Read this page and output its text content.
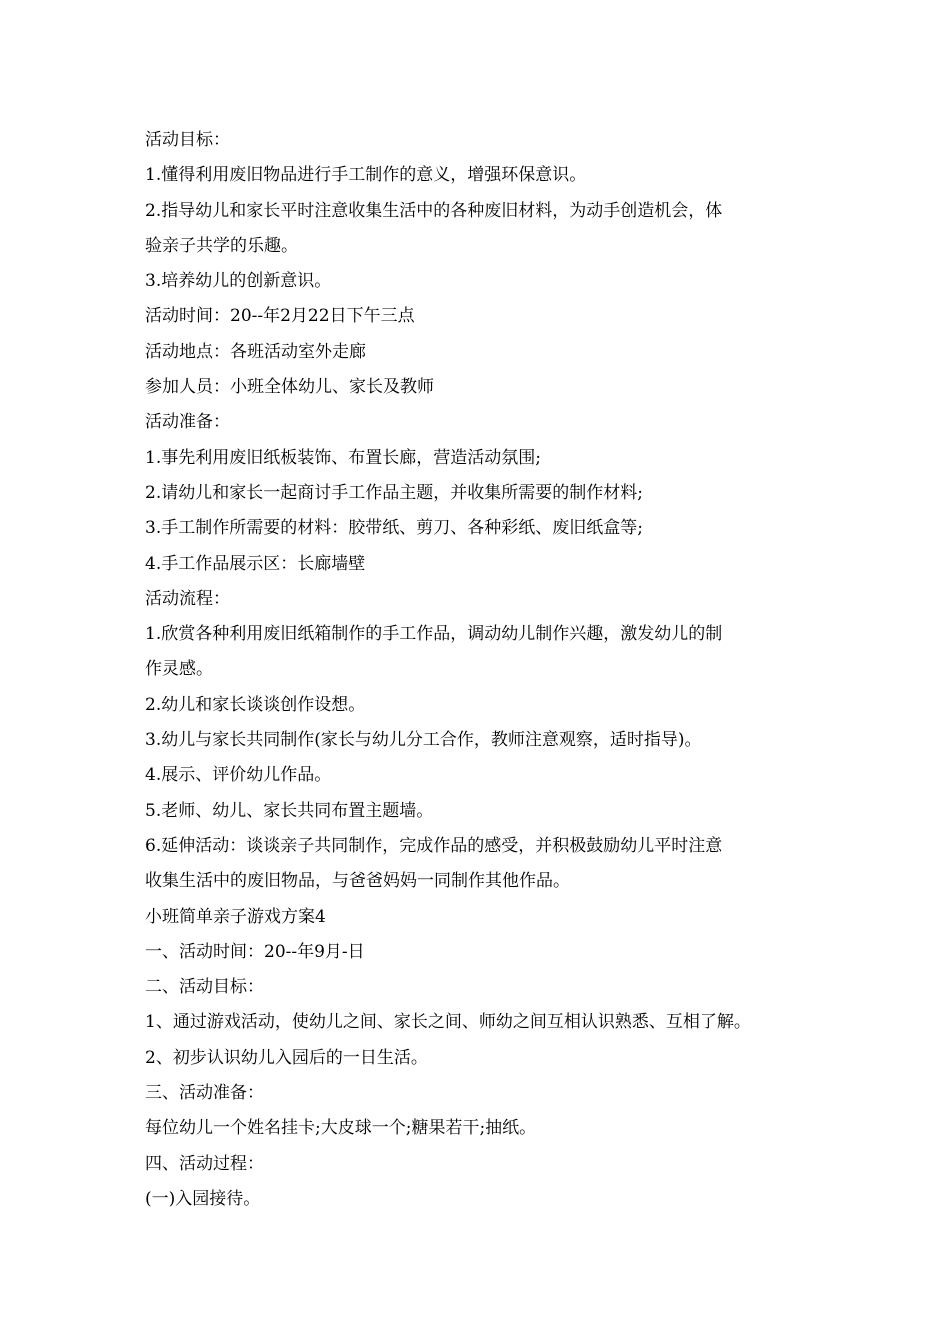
活动目标：
1.懂得利用废旧物品进行手工制作的意义，增强环保意识。
2.指导幼儿和家长平时注意收集生活中的各种废旧材料，为动手创造机会，体
验亲子共学的乐趣。
3.培养幼儿的创新意识。
活动时间：20--年2月22日下午三点
活动地点：各班活动室外走廊
参加人员：小班全体幼儿、家长及教师
活动准备：
1.事先利用废旧纸板装饰、布置长廊，营造活动氛围;
2.请幼儿和家长一起商讨手工作品主题，并收集所需要的制作材料;
3.手工制作所需要的材料：胶带纸、剪刀、各种彩纸、废旧纸盒等;
4.手工作品展示区：长廊墙壁
活动流程：
1.欣赏各种利用废旧纸箱制作的手工作品，调动幼儿制作兴趣，激发幼儿的制
作灵感。
2.幼儿和家长谈谈创作设想。
3.幼儿与家长共同制作(家长与幼儿分工合作，教师注意观察，适时指导)。
4.展示、评价幼儿作品。
5.老师、幼儿、家长共同布置主题墙。
6.延伸活动：谈谈亲子共同制作，完成作品的感受，并积极鼓励幼儿平时注意
收集生活中的废旧物品，与爸爸妈妈一同制作其他作品。
小班简单亲子游戏方案4
一、活动时间：20--年9月-日
二、活动目标：
1、通过游戏活动，使幼儿之间、家长之间、师幼之间互相认识熟悉、互相了解。
2、初步认识幼儿入园后的一日生活。
三、活动准备：
每位幼儿一个姓名挂卡;大皮球一个;糖果若干;抽纸。
四、活动过程：
(一)入园接待。
